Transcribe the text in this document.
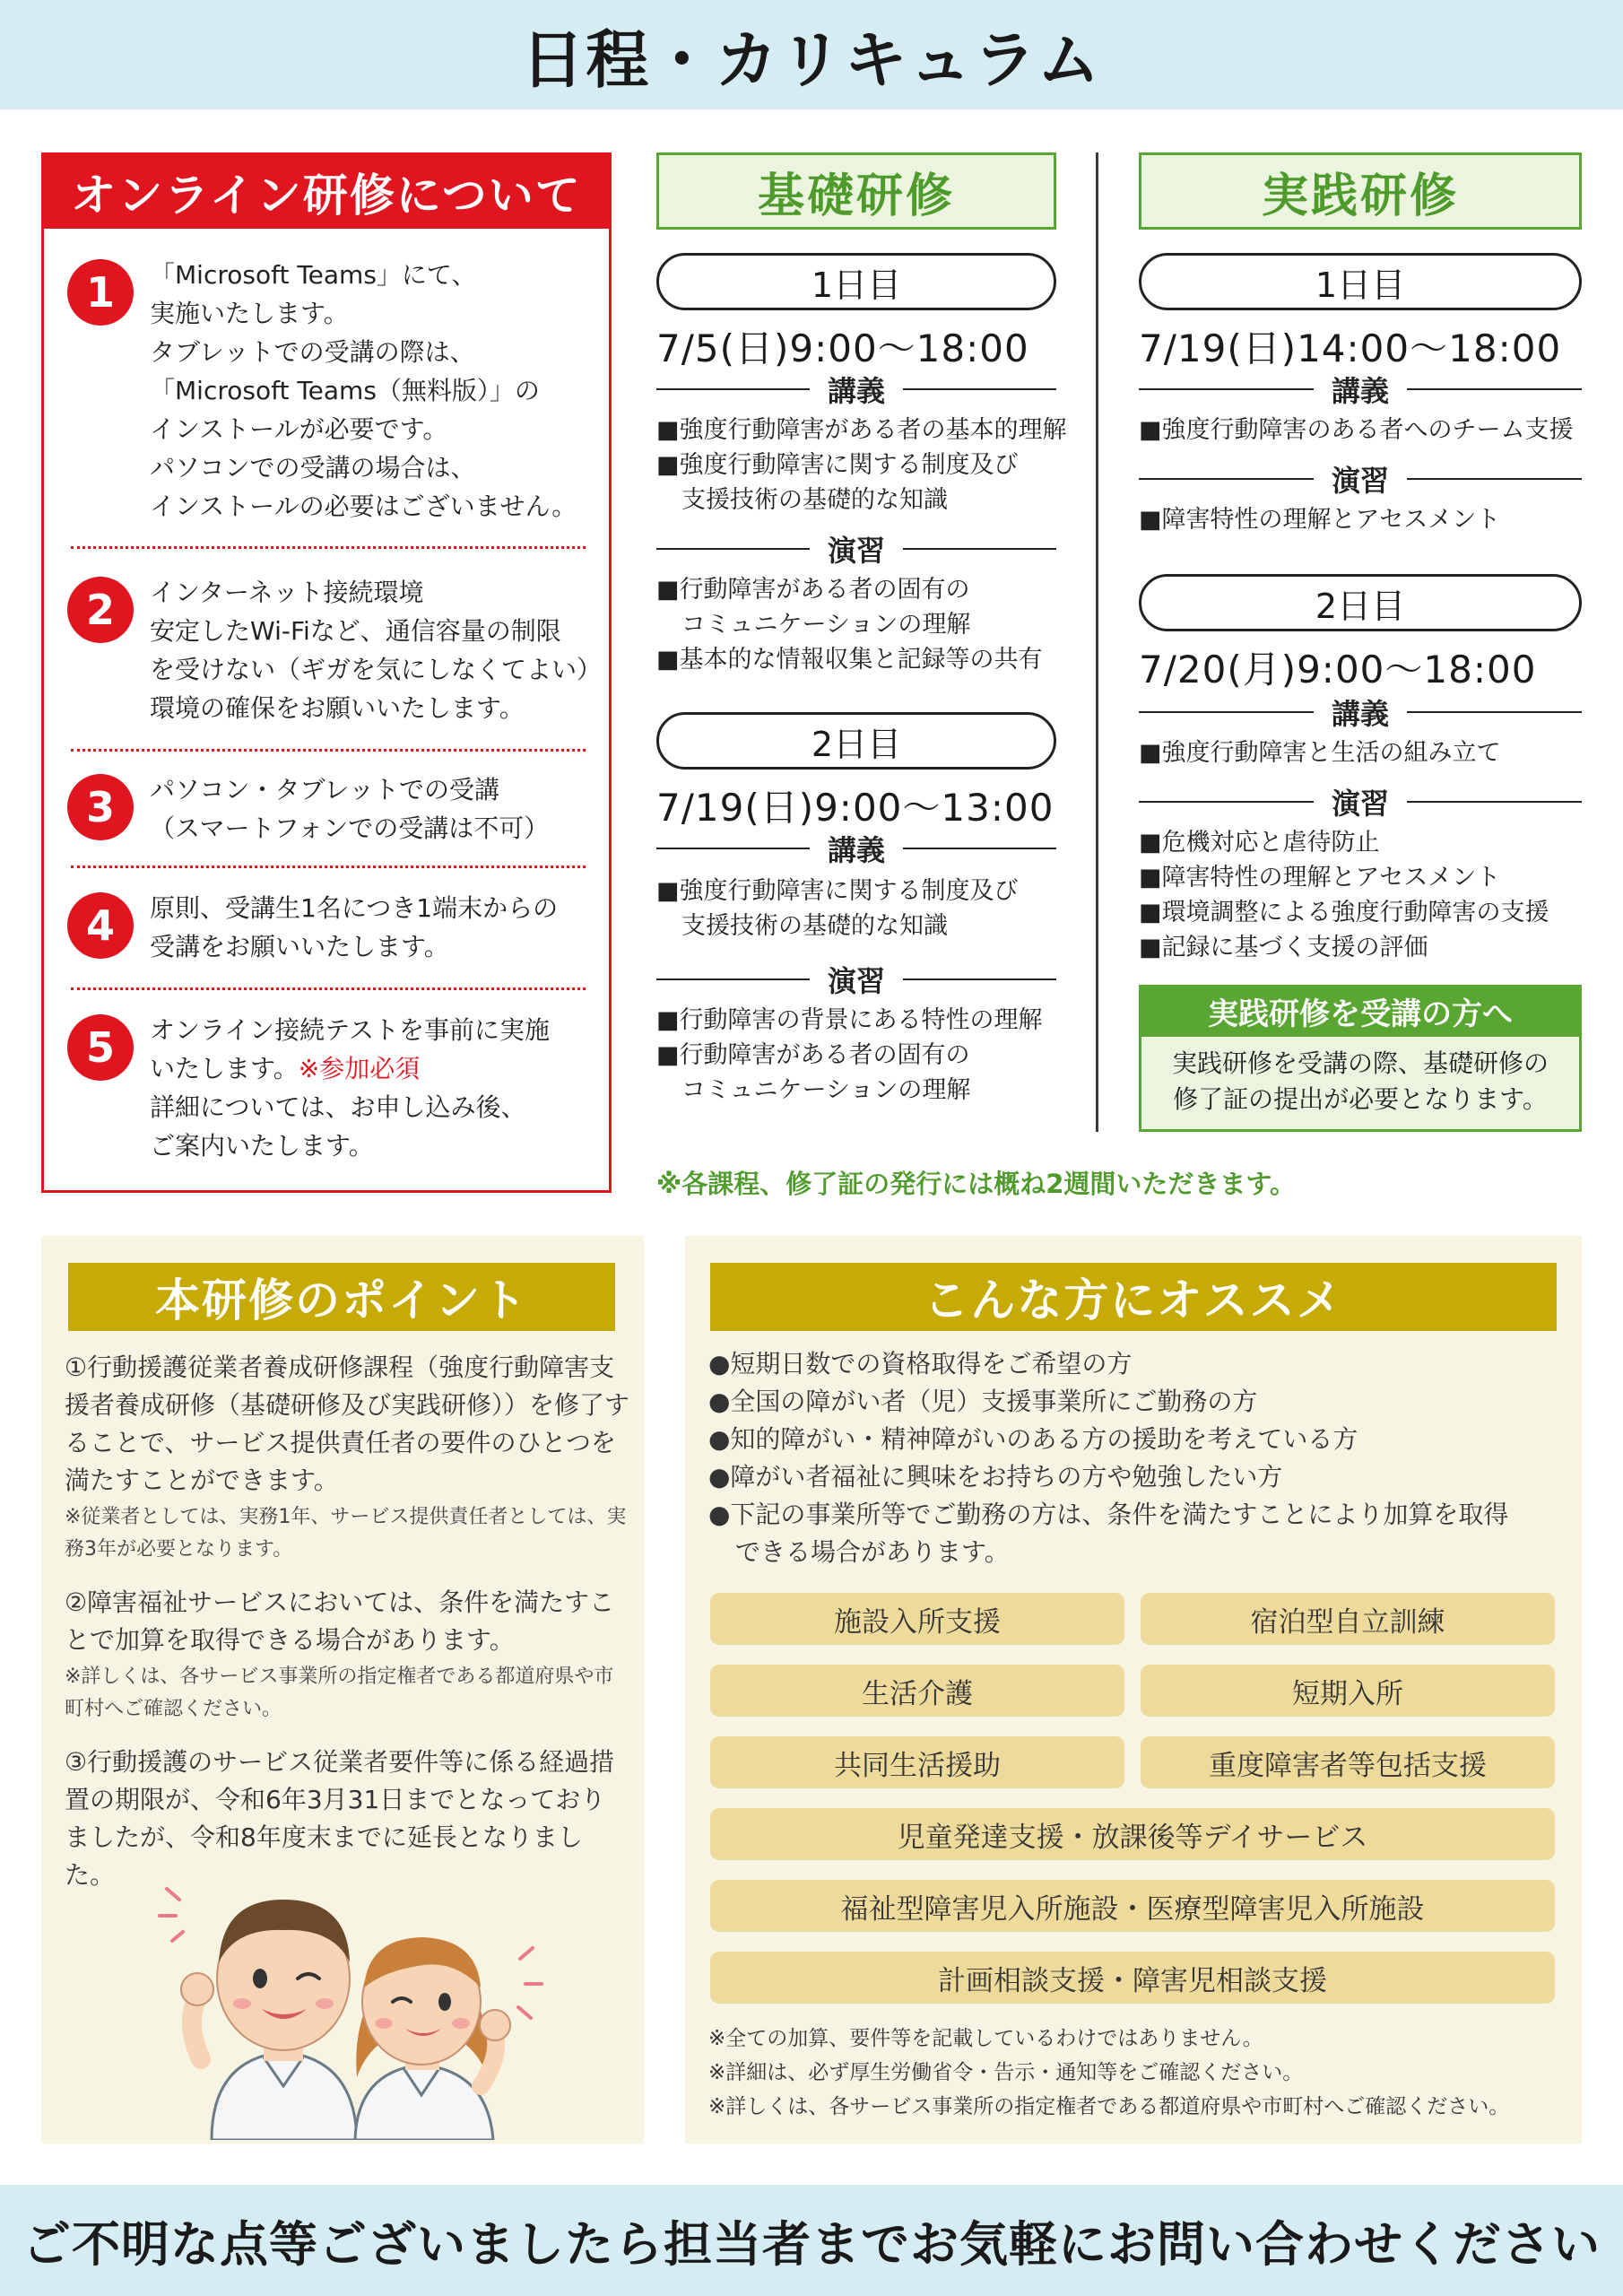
日程・カリキュラム
オンライン研修について
1	「Microsoft Teams」にて、

実施いたします。

タブレットでの受講の際は、

「Microsoft Teams（無料版）」の

インストールが必要です。

パソコンでの受講の場合は、

インストールの必要はございません。

2	インターネット接続環境

安定したWi-Fiなど、通信容量の制限

を受けない（ギガを気にしなくてよい）

環境の確保をお願いいたします。

3	パソコン・タブレットでの受講

（スマートフォンでの受講は不可）

4	原則、受講生1名につき1端末からの

受講をお願いいたします。

5	オンライン接続テストを事前に実施

いたします。※参加必須

詳細については、お申し込み後、

ご案内いたします。

基礎研修
1日目
7/5(日)9:00～18:00
講義
■強度行動障害がある者の基本的理解
■強度行動障害に関する制度及び
支援技術の基礎的な知識
演習
■行動障害がある者の固有の
コミュニケーションの理解
■基本的な情報収集と記録等の共有
2日目
7/19(日)9:00～13:00
講義
■強度行動障害に関する制度及び
支援技術の基礎的な知識
演習
■行動障害の背景にある特性の理解
■行動障害がある者の固有の
コミュニケーションの理解
実践研修
1日目
7/19(日)14:00～18:00
講義
■強度行動障害のある者へのチーム支援
演習
■障害特性の理解とアセスメント
2日目
7/20(月)9:00～18:00
講義
■強度行動障害と生活の組み立て
演習
■危機対応と虐待防止
■障害特性の理解とアセスメント
■環境調整による強度行動障害の支援
■記録に基づく支援の評価
実践研修を受講の方へ

実践研修を受講の際、基礎研修の

修了証の提出が必要となります。

※各課程、修了証の発行には概ね2週間いただきます。
本研修のポイント
①行動援護従業者養成研修課程（強度行動障害支援者養成研修（基礎研修及び実践研修））を修了することで、サービス提供責任者の要件のひとつを満たすことができます。
※従業者としては、実務1年、サービス提供責任者としては、実務3年が必要となります。
②障害福祉サービスにおいては、条件を満たすことで加算を取得できる場合があります。
※詳しくは、各サービス事業所の指定権者である都道府県や市町村へご確認ください。
③行動援護のサービス従業者要件等に係る経過措置の期限が、令和6年3月31日までとなっておりましたが、令和8年度末までに延長となりました。
こんな方にオススメ
●短期日数での資格取得をご希望の方
●全国の障がい者（児）支援事業所にご勤務の方
●知的障がい・精神障がいのある方の援助を考えている方
●障がい者福祉に興味をお持ちの方や勉強したい方
●下記の事業所等でご勤務の方は、条件を満たすことにより加算を取得
できる場合があります。
施設入所支援	宿泊型自立訓練
生活介護	短期入所
共同生活援助	重度障害者等包括支援
児童発達支援・放課後等デイサービス
福祉型障害児入所施設・医療型障害児入所施設
計画相談支援・障害児相談支援

※全ての加算、要件等を記載しているわけではありません。

※詳細は、必ず厚生労働省令・告示・通知等をご確認ください。

※詳しくは、各サービス事業所の指定権者である都道府県や市町村へご確認ください。

ご不明な点等ございましたら担当者までお気軽にお問い合わせください
